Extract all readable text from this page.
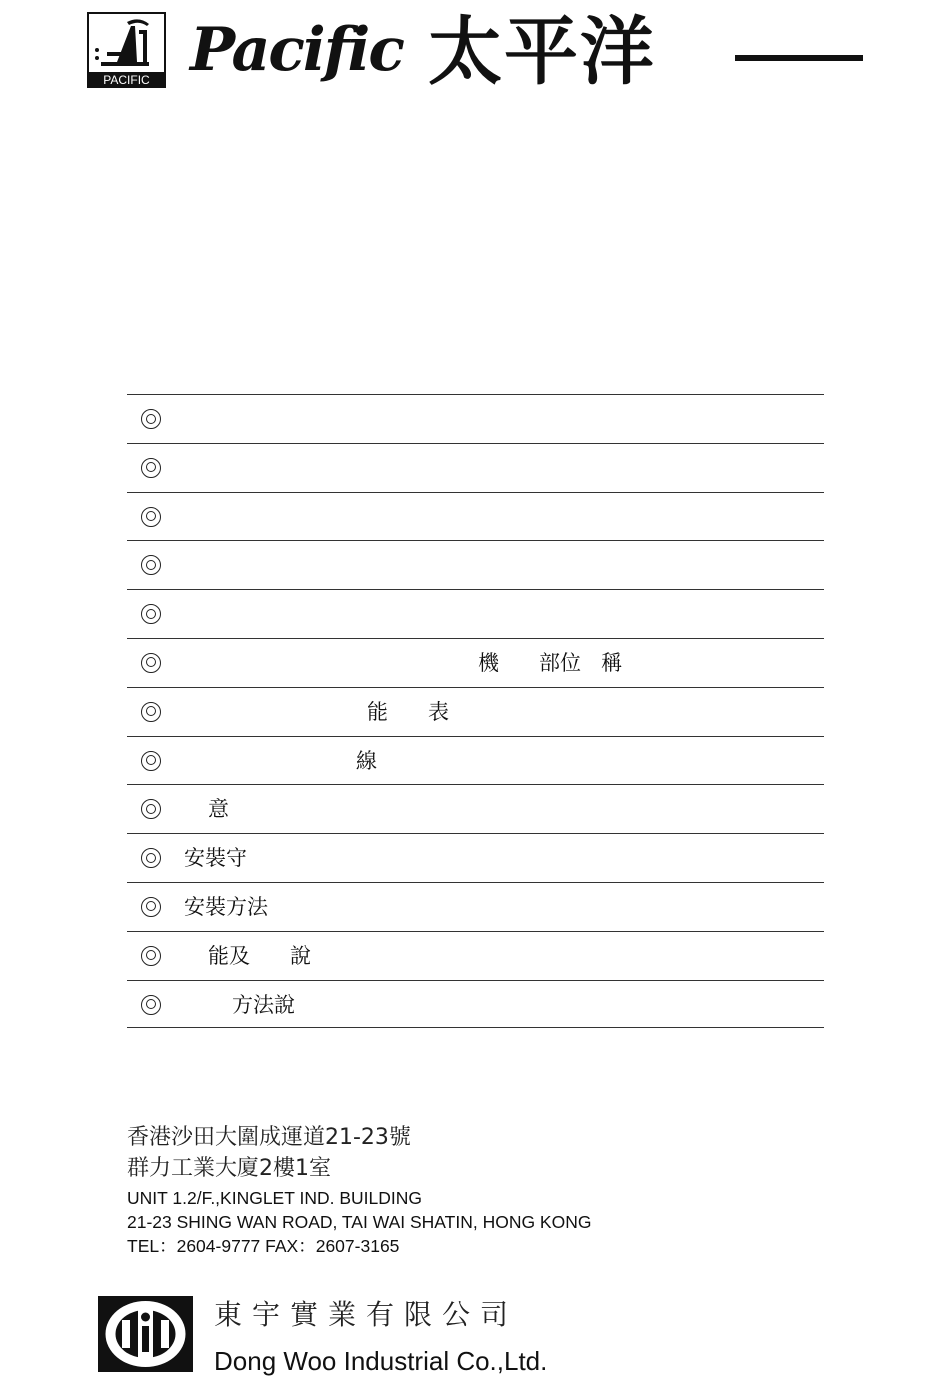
PACIFIC Pacific 太平洋
機      部位   稱
能      表
線
意
安裝守
安裝方法
能及      說
方法說
香港沙田大圍成運道21-23號
群力工業大廈2樓1室
UNIT 1.2/F.,KINGLET IND. BUILDING
21-23 SHING WAN ROAD, TAI WAI SHATIN, HONG KONG
TEL：2604-9777 FAX：2607-3165
東宇實業有限公司
Dong Woo Industrial Co.,Ltd.
